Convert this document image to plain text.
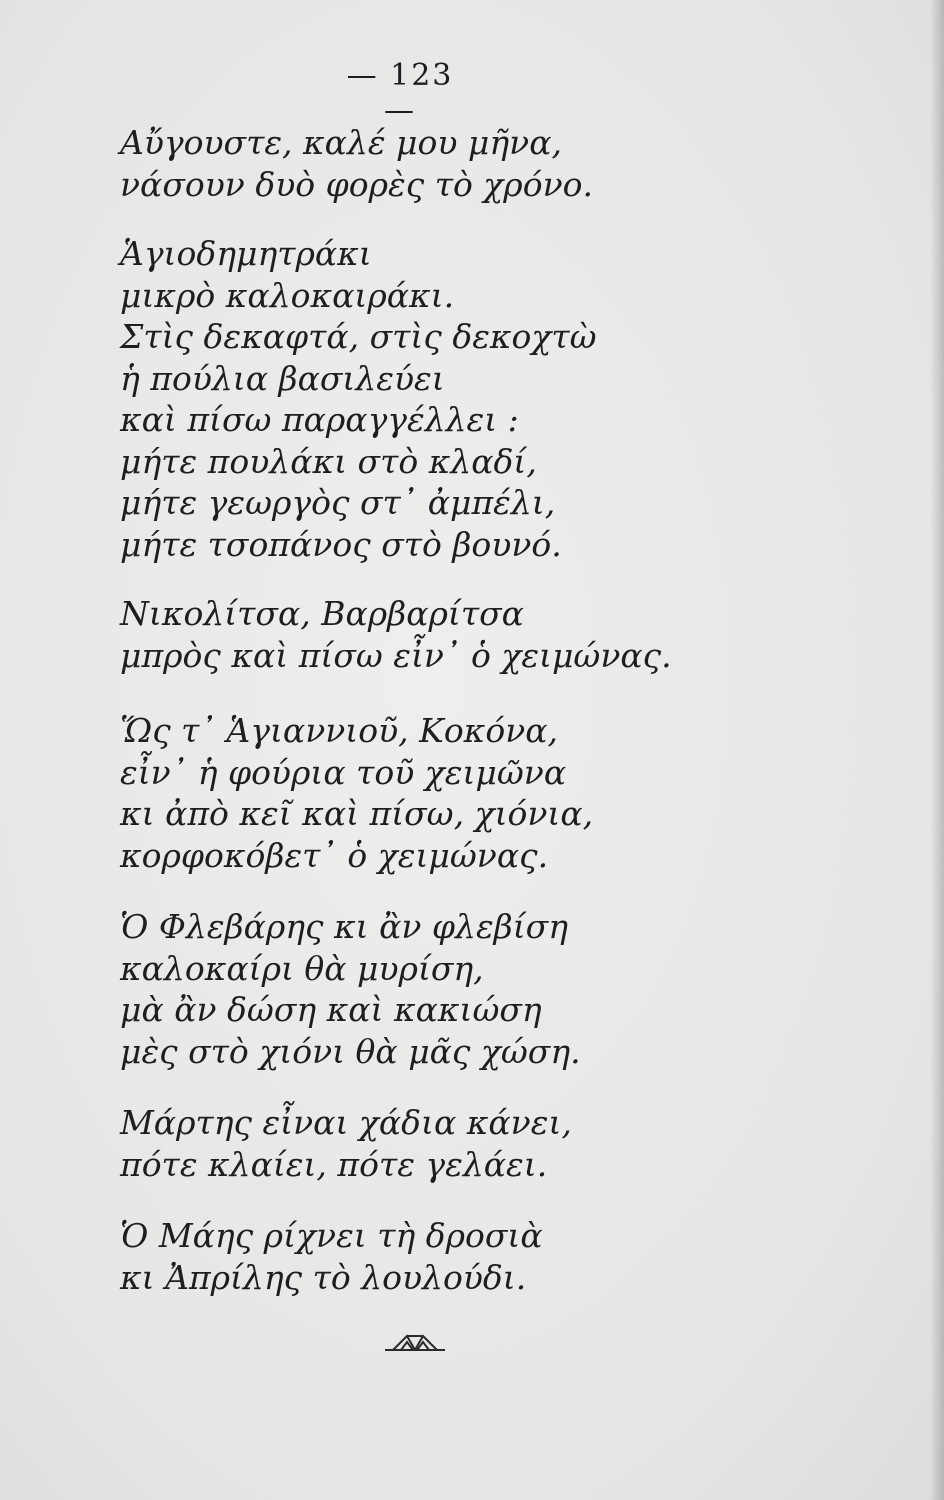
— 123 —
Αὔγουστε, καλέ μου μῆνα,
νάσουν δυὸ φορὲς τὸ χρόνο.
Ἁγιοδημητράκι
μικρὸ καλοκαιράκι.
Στὶς δεκαφτά, στὶς δεκοχτὼ
ἡ πούλια βασιλεύει
καὶ πίσω παραγγέλλει :
μήτε πουλάκι στὸ κλαδί,
μήτε γεωργὸς στ᾽ ἀμπέλι,
μήτε τσοπάνος στὸ βουνό.
Νικολίτσα, Βαρβαρίτσα
μπρὸς καὶ πίσω εἶν᾽ ὁ χειμώνας.
Ὥς τ᾽ Ἁγιαννιοῦ, Κοκόνα,
εἶν᾽ ἡ φούρια τοῦ χειμῶνα
κι ἀπὸ κεῖ καὶ πίσω, χιόνια,
κορφοκόβετ᾽ ὁ χειμώνας.
Ὁ Φλεβάρης κι ἂν φλεβίση
καλοκαίρι θὰ μυρίση,
μὰ ἂν δώση καὶ κακιώση
μὲς στὸ χιόνι θὰ μᾶς χώση.
Μάρτης εἶναι χάδια κάνει,
πότε κλαίει, πότε γελάει.
Ὁ Μάης ρίχνει τὴ δροσιὰ
κι Ἀπρίλης τὸ λουλούδι.
